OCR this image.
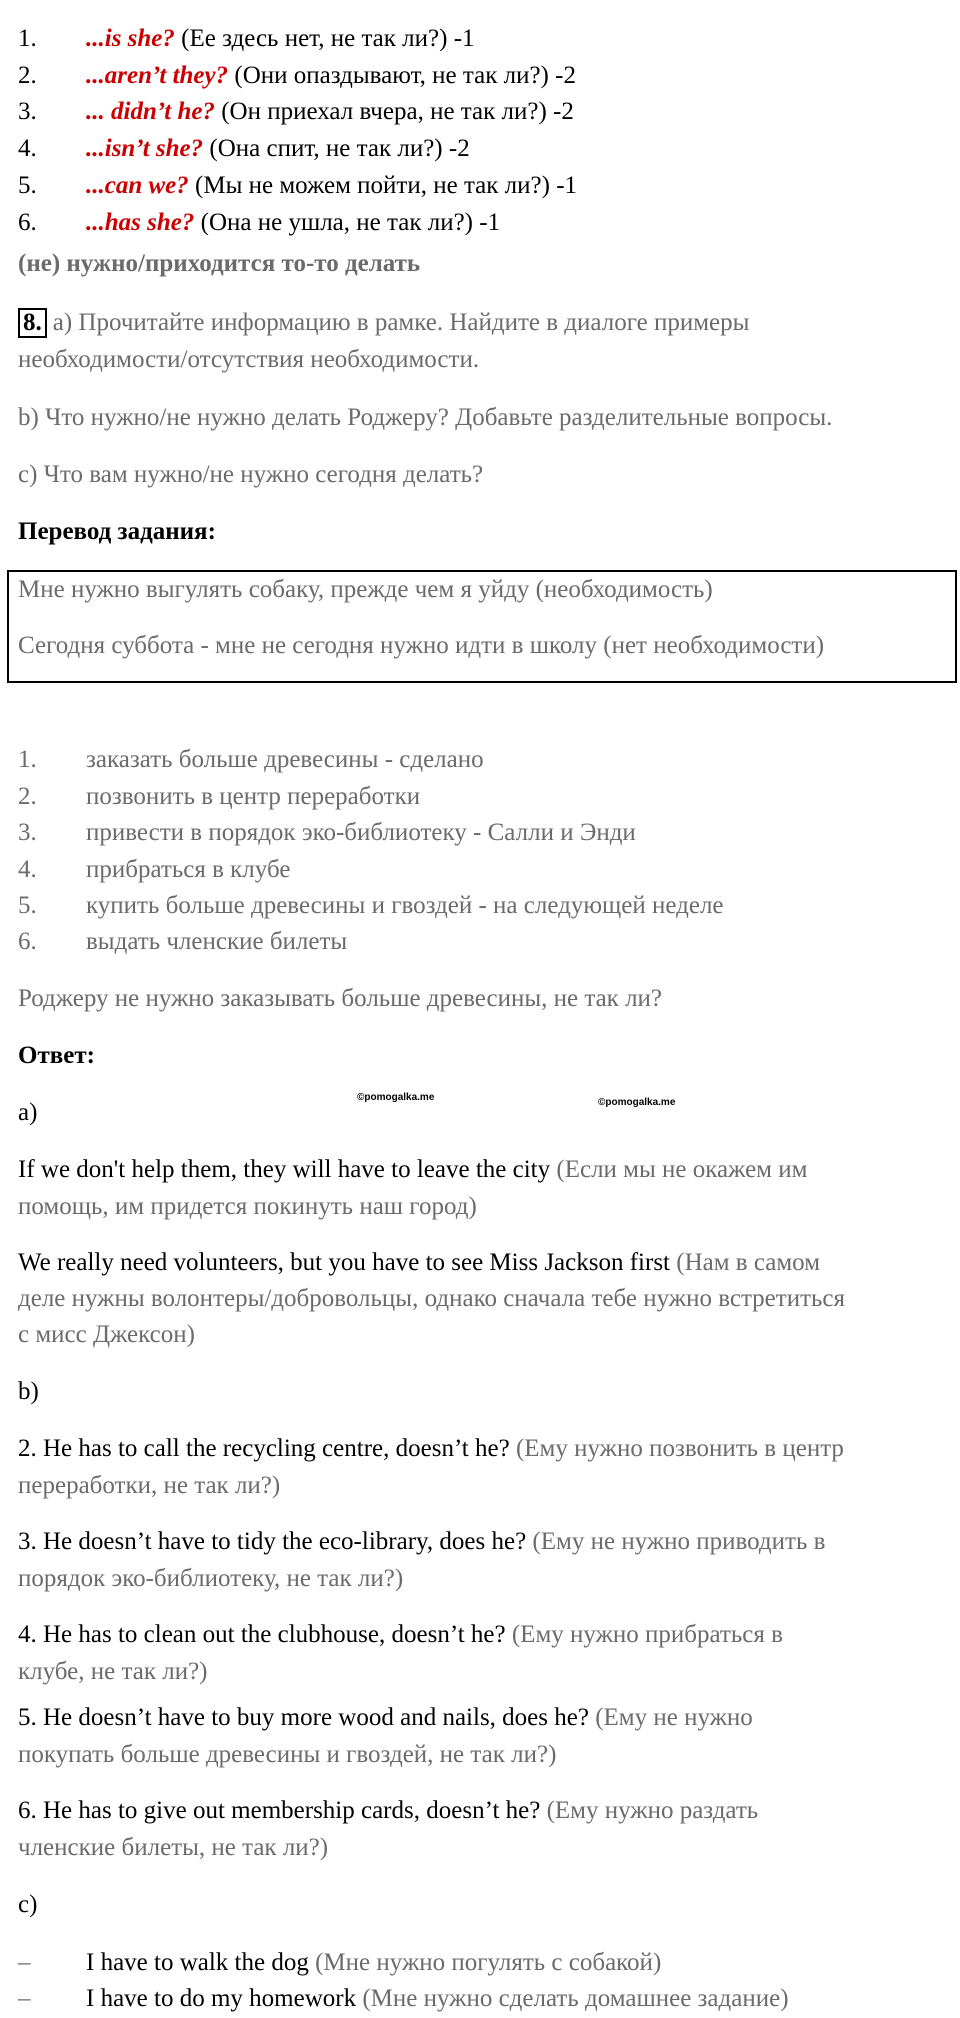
1. ...is she? (Ее здесь нет, не так ли?) -1
2. ...aren’t they? (Они опаздывают, не так ли?) -2
3. ... didn’t he? (Он приехал вчера, не так ли?) -2
4. ...isn’t she? (Она спит, не так ли?) -2
5. ...can we? (Мы не можем пойти, не так ли?) -1
6. ...has she? (Она не ушла, не так ли?) -1
(не) нужно/приходится то-то делать
8. a) Прочитайте информацию в рамке. Найдите в диалоге примеры
необходимости/отсутствия необходимости.
b) Что нужно/не нужно делать Роджеру? Добавьте разделительные вопросы.
c) Что вам нужно/не нужно сегодня делать?
Перевод задания:
Мне нужно выгулять собаку, прежде чем я уйду (необходимость)
Сегодня суббота - мне не сегодня нужно идти в школу (нет необходимости)
1. заказать больше древесины - сделано
2. позвонить в центр переработки
3. привести в порядок эко-библиотеку - Салли и Энди
4. прибраться в клубе
5. купить больше древесины и гвоздей - на следующей неделе
6. выдать членские билеты
Роджеру не нужно заказывать больше древесины, не так ли?
Ответ:
©pomogalka.me	©pomogalka.me
a)
If we don't help them, they will have to leave the city (Если мы не окажем им
помощь, им придется покинуть наш город)
We really need volunteers, but you have to see Miss Jackson first (Нам в самом
деле нужны волонтеры/добровольцы, однако сначала тебе нужно встретиться
с мисс Джексон)
b)
2. He has to call the recycling centre, doesn’t he? (Ему нужно позвонить в центр
переработки, не так ли?)
3. He doesn’t have to tidy the eco-library, does he? (Ему не нужно приводить в
порядок эко-библиотеку, не так ли?)
4. He has to clean out the clubhouse, doesn’t he? (Ему нужно прибраться в
клубе, не так ли?)
5. He doesn’t have to buy more wood and nails, does he? (Ему не нужно
покупать больше древесины и гвоздей, не так ли?)
6. He has to give out membership cards, doesn’t he? (Ему нужно раздать
членские билеты, не так ли?)
c)
– I have to walk the dog (Мне нужно погулять с собакой)
– I have to do my homework (Мне нужно сделать домашнее задание)
